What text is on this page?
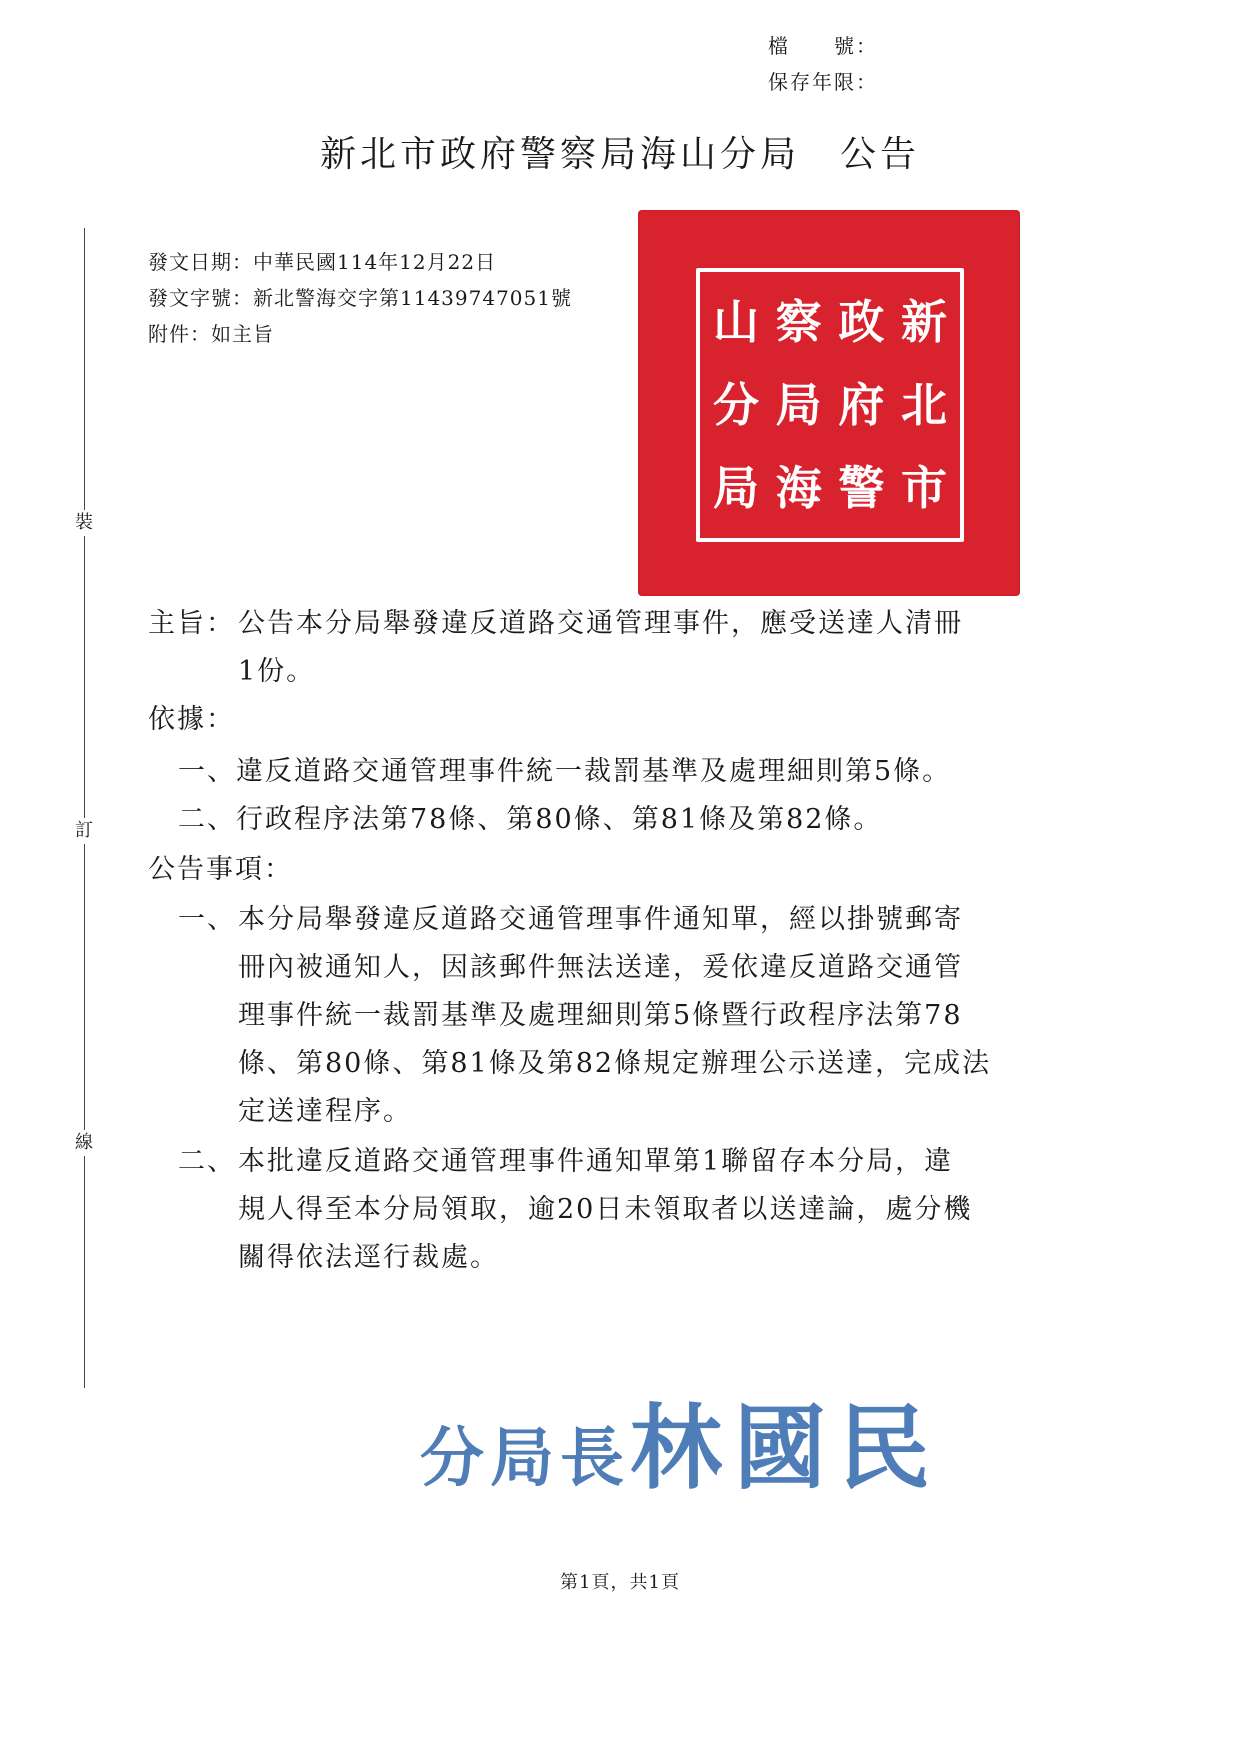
檔　　號：
保存年限：
新北市政府警察局海山分局 公告
裝
訂
線
發文日期：中華民國114年12月22日
發文字號：新北警海交字第11439747051號
附件：如主旨	新
北
市
政
府
警
察
局
海
山
分
局
主旨： 公告本分局舉發違反道路交通管理事件，應受送達人清冊
1份。
依據：
一、違反道路交通管理事件統一裁罰基準及處理細則第5條。
二、行政程序法第78條、第80條、第81條及第82條。
公告事項：
一、 本分局舉發違反道路交通管理事件通知單，經以掛號郵寄
冊內被通知人，因該郵件無法送達，爰依違反道路交通管
理事件統一裁罰基準及處理細則第5條暨行政程序法第78
條、第80條、第81條及第82條規定辦理公示送達，完成法
定送達程序。
二、 本批違反道路交通管理事件通知單第1聯留存本分局，違
規人得至本分局領取，逾20日未領取者以送達論，處分機
關得依法逕行裁處。
分局長林國民
第1頁，共1頁
